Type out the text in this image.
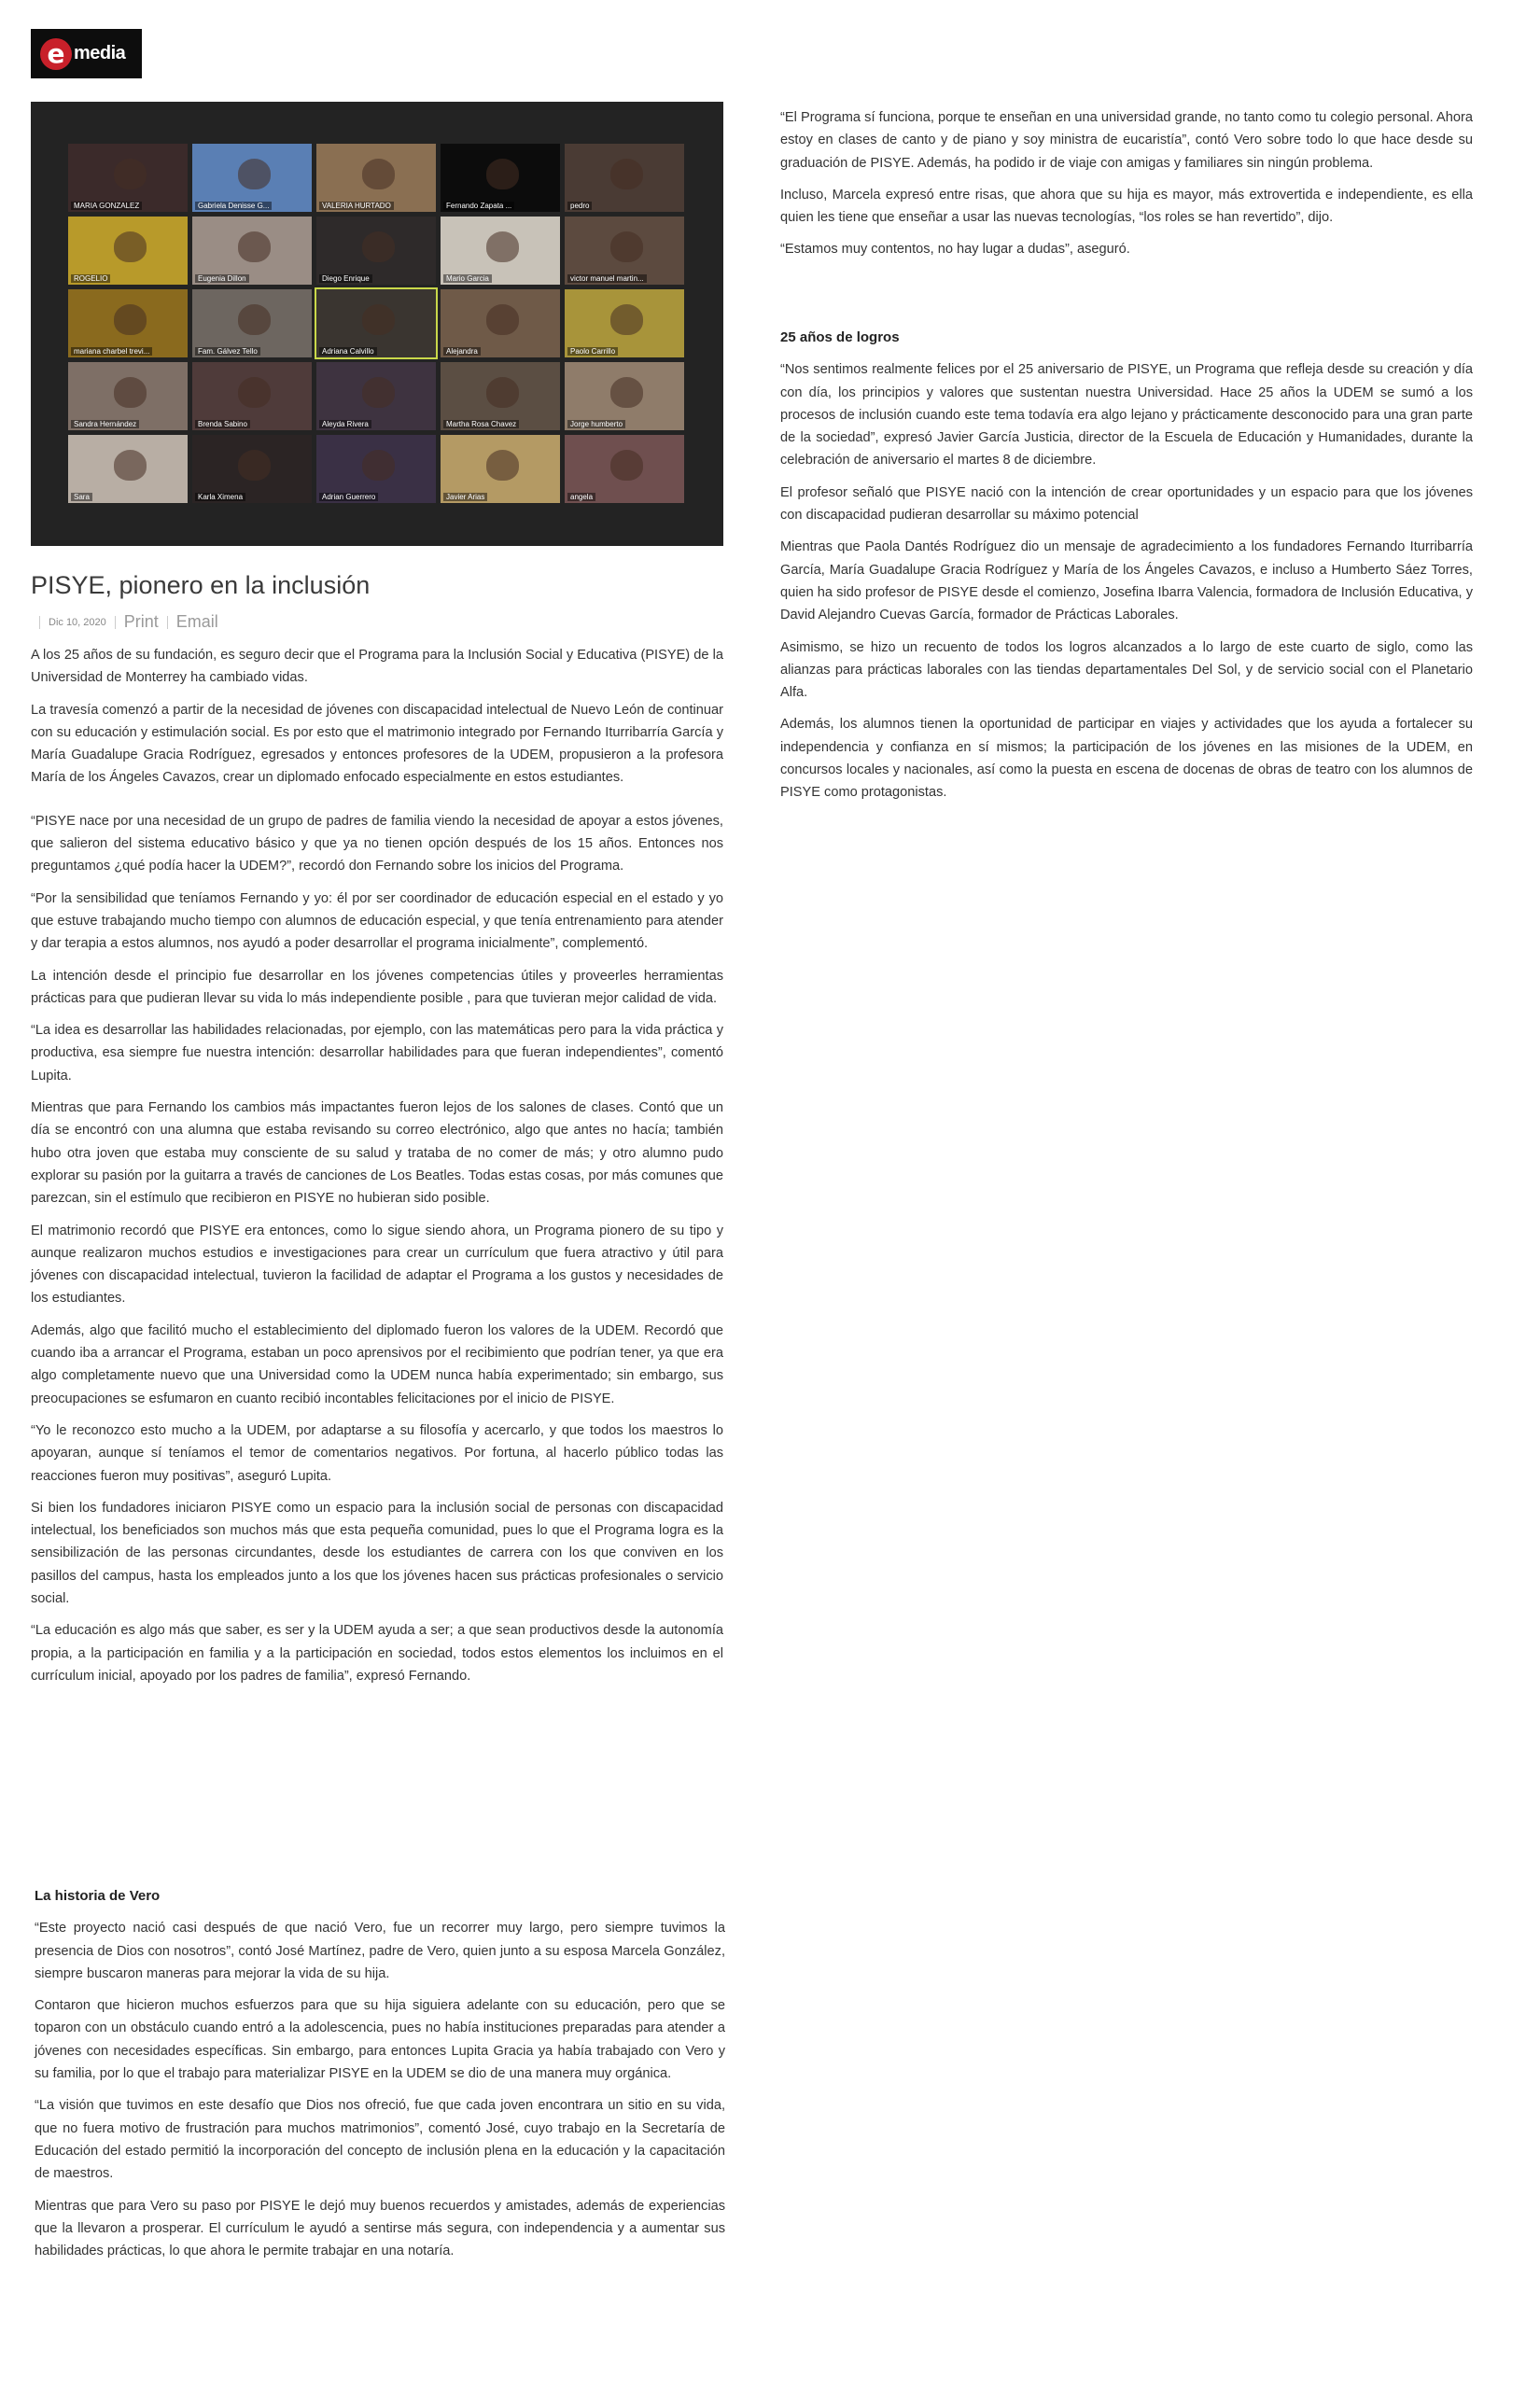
e media
MARIA GONZALEZ	Gabriela Denisse G...	VALERIA HURTADO	Fernando Zapata ...	pedro
ROGELIO	Eugenia Dillon	Diego Enrique	Mario Garcia	victor manuel martin...
mariana charbel trevi...	Fam. Gálvez Tello	Adriana Calvillo	Alejandra	Paolo Carrillo
Sandra Hernández	Brenda Sabino	Aleyda Rivera	Martha Rosa Chavez	Jorge humberto
Sara	Karla Ximena	Adrian Guerrero	Javier Arias	angela
PISYE, pionero en la inclusión
Dic 10, 2020 Print Email

A los 25 años de su fundación, es seguro decir que el Programa para la Inclusión Social y Educativa (PISYE) de la Universidad de Monterrey ha cambiado vidas.

La travesía comenzó a partir de la necesidad de jóvenes con discapacidad intelectual de Nuevo León de continuar con su educación y estimulación social. Es por esto que el matrimonio integrado por Fernando Iturribarría García y María Guadalupe Gracia Rodríguez, egresados y entonces profesores de la UDEM, propusieron a la profesora María de los Ángeles Cavazos, crear un diplomado enfocado especialmente en estos estudiantes.

“PISYE nace por una necesidad de un grupo de padres de familia viendo la necesidad de apoyar a estos jóvenes, que salieron del sistema educativo básico y que ya no tienen opción después de los 15 años. Entonces nos preguntamos ¿qué podía hacer la UDEM?”, recordó don Fernando sobre los inicios del Programa.

“Por la sensibilidad que teníamos Fernando y yo: él por ser coordinador de educación especial en el estado y yo que estuve trabajando mucho tiempo con alumnos de educación especial, y que tenía entrenamiento para atender y dar terapia a estos alumnos, nos ayudó a poder desarrollar el programa inicialmente”, complementó.

La intención desde el principio fue desarrollar en los jóvenes competencias útiles y proveerles herramientas prácticas para que pudieran llevar su vida lo más independiente posible , para que tuvieran mejor calidad de vida.

“La idea es desarrollar las habilidades relacionadas, por ejemplo, con las matemáticas pero para la vida práctica y productiva, esa siempre fue nuestra intención: desarrollar habilidades para que fueran independientes”, comentó Lupita.

Mientras que para Fernando los cambios más impactantes fueron lejos de los salones de clases. Contó que un día se encontró con una alumna que estaba revisando su correo electrónico, algo que antes no hacía; también hubo otra joven que estaba muy consciente de su salud y trataba de no comer de más; y otro alumno pudo explorar su pasión por la guitarra a través de canciones de Los Beatles. Todas estas cosas, por más comunes que parezcan, sin el estímulo que recibieron en PISYE no hubieran sido posible.

El matrimonio recordó que PISYE era entonces, como lo sigue siendo ahora, un Programa pionero de su tipo y aunque realizaron muchos estudios e investigaciones para crear un currículum que fuera atractivo y útil para jóvenes con discapacidad intelectual, tuvieron la facilidad de adaptar el Programa a los gustos y necesidades de los estudiantes.

Además, algo que facilitó mucho el establecimiento del diplomado fueron los valores de la UDEM. Recordó que cuando iba a arrancar el Programa, estaban un poco aprensivos por el recibimiento que podrían tener, ya que era algo completamente nuevo que una Universidad como la UDEM nunca había experimentado; sin embargo, sus preocupaciones se esfumaron en cuanto recibió incontables felicitaciones por el inicio de PISYE.

“Yo le reconozco esto mucho a la UDEM, por adaptarse a su filosofía y acercarlo, y que todos los maestros lo apoyaran, aunque sí teníamos el temor de comentarios negativos. Por fortuna, al hacerlo público todas las reacciones fueron muy positivas”, aseguró Lupita.

Si bien los fundadores iniciaron PISYE como un espacio para la inclusión social de personas con discapacidad intelectual, los beneficiados son muchos más que esta pequeña comunidad, pues lo que el Programa logra es la sensibilización de las personas circundantes, desde los estudiantes de carrera con los que conviven en los pasillos del campus, hasta los empleados junto a los que los jóvenes hacen sus prácticas profesionales o servicio social.

“La educación es algo más que saber, es ser y la UDEM ayuda a ser; a que sean productivos desde la autonomía propia, a la participación en familia y a la participación en sociedad, todos estos elementos los incluimos en el currículum inicial, apoyado por los padres de familia”, expresó Fernando.

La historia de Vero

“Este proyecto nació casi después de que nació Vero, fue un recorrer muy largo, pero siempre tuvimos la presencia de Dios con nosotros”, contó José Martínez, padre de Vero, quien junto a su esposa Marcela González, siempre buscaron maneras para mejorar la vida de su hija.

Contaron que hicieron muchos esfuerzos para que su hija siguiera adelante con su educación, pero que se toparon con un obstáculo cuando entró a la adolescencia, pues no había instituciones preparadas para atender a jóvenes con necesidades específicas. Sin embargo, para entonces Lupita Gracia ya había trabajado con Vero y su familia, por lo que el trabajo para materializar PISYE en la UDEM se dio de una manera muy orgánica.

“La visión que tuvimos en este desafío que Dios nos ofreció, fue que cada joven encontrara un sitio en su vida, que no fuera motivo de frustración para muchos matrimonios”, comentó José, cuyo trabajo en la Secretaría de Educación del estado permitió la incorporación del concepto de inclusión plena en la educación y la capacitación de maestros.

Mientras que para Vero su paso por PISYE le dejó muy buenos recuerdos y amistades, además de experiencias que la llevaron a prosperar. El currículum le ayudó a sentirse más segura, con independencia y a aumentar sus habilidades prácticas, lo que ahora le permite trabajar en una notaría.

“El Programa sí funciona, porque te enseñan en una universidad grande, no tanto como tu colegio personal. Ahora estoy en clases de canto y de piano y soy ministra de eucaristía”, contó Vero sobre todo lo que hace desde su graduación de PISYE. Además, ha podido ir de viaje con amigas y familiares sin ningún problema.

Incluso, Marcela expresó entre risas, que ahora que su hija es mayor, más extrovertida e independiente, es ella quien les tiene que enseñar a usar las nuevas tecnologías, “los roles se han revertido”, dijo.

“Estamos muy contentos, no hay lugar a dudas”, aseguró.

25 años de logros

“Nos sentimos realmente felices por el 25 aniversario de PISYE, un Programa que refleja desde su creación y día con día, los principios y valores que sustentan nuestra Universidad. Hace 25 años la UDEM se sumó a los procesos de inclusión cuando este tema todavía era algo lejano y prácticamente desconocido para una gran parte de la sociedad”, expresó Javier García Justicia, director de la Escuela de Educación y Humanidades, durante la celebración de aniversario el martes 8 de diciembre.

El profesor señaló que PISYE nació con la intención de crear oportunidades y un espacio para que los jóvenes con discapacidad pudieran desarrollar su máximo potencial

Mientras que Paola Dantés Rodríguez dio un mensaje de agradecimiento a los fundadores Fernando Iturribarría García, María Guadalupe Gracia Rodríguez y María de los Ángeles Cavazos, e incluso a Humberto Sáez Torres, quien ha sido profesor de PISYE desde el comienzo, Josefina Ibarra Valencia, formadora de Inclusión Educativa, y David Alejandro Cuevas García, formador de Prácticas Laborales.

Asimismo, se hizo un recuento de todos los logros alcanzados a lo largo de este cuarto de siglo, como las alianzas para prácticas laborales con las tiendas departamentales Del Sol, y de servicio social con el Planetario Alfa.

Además, los alumnos tienen la oportunidad de participar en viajes y actividades que los ayuda a fortalecer su independencia y confianza en sí mismos; la participación de los jóvenes en las misiones de la UDEM, en concursos locales y nacionales, así como la puesta en escena de docenas de obras de teatro con los alumnos de PISYE como protagonistas.
